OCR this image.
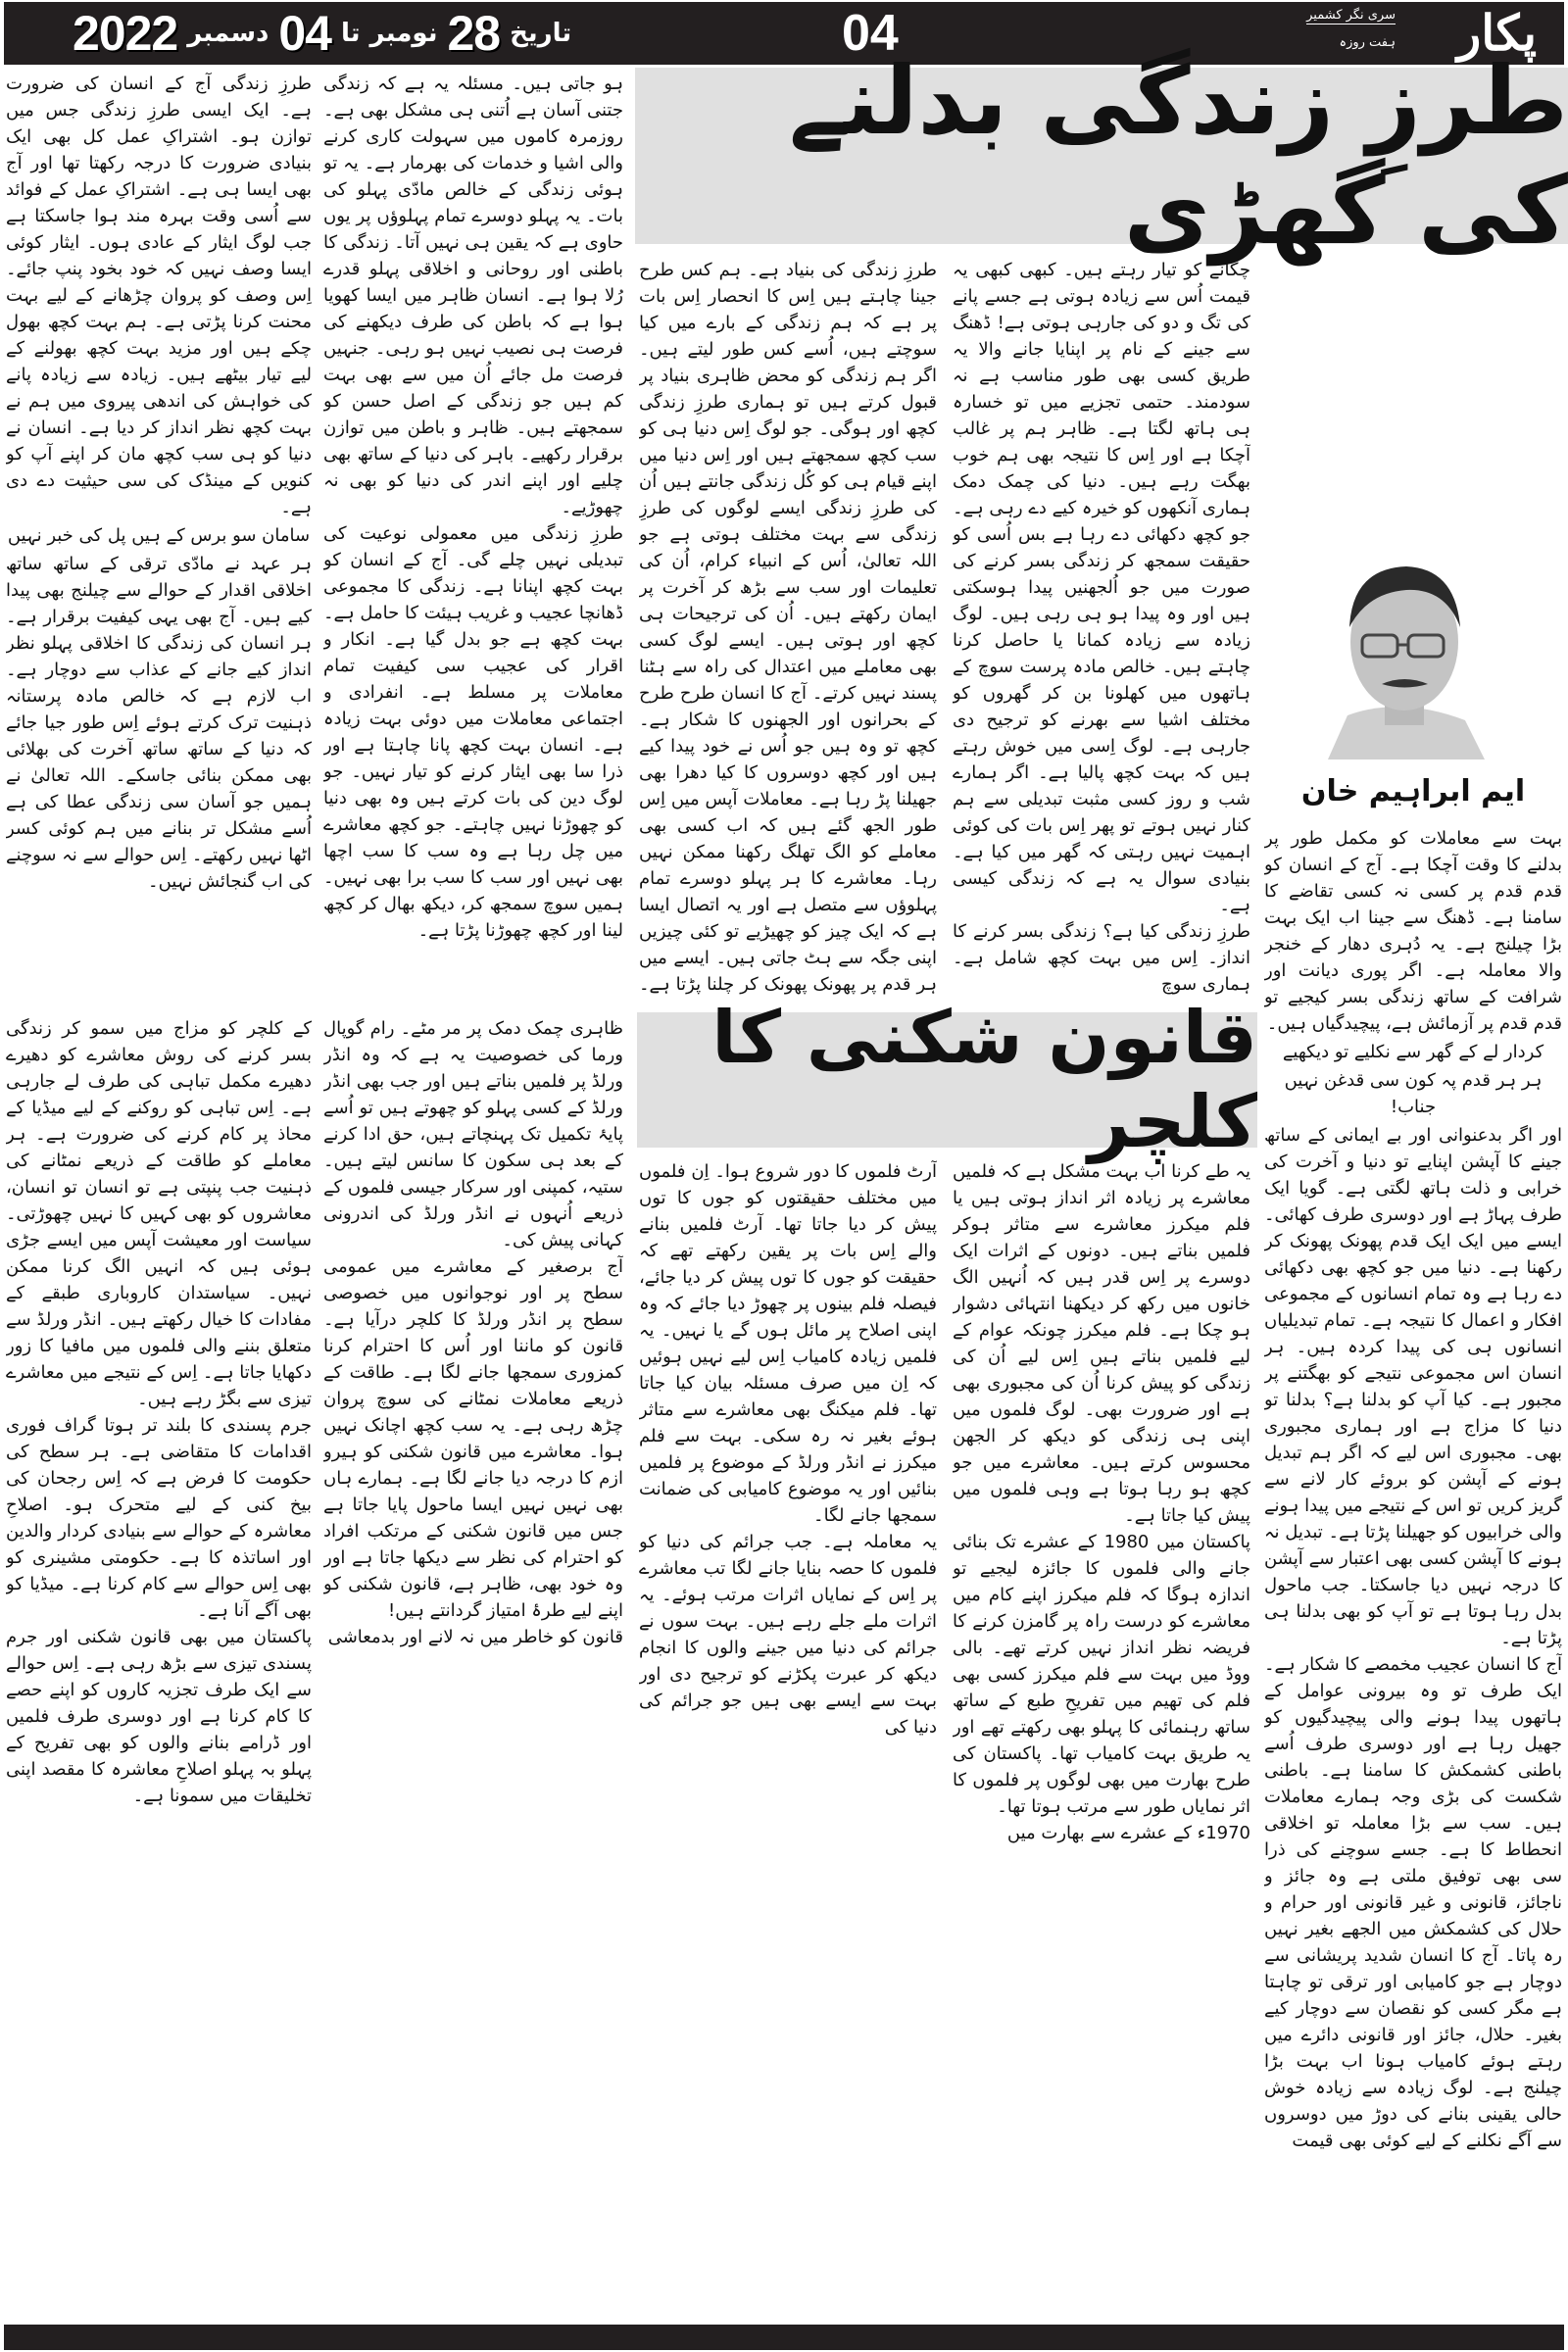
2022 دسمبر 04 تا نومبر 28 تاریخ	04	سری نگر کشمیر
ہفت روزہ پکار
طرزِ زندگی بدلنے کی گھڑی
ایم ابراہیم خان

بہت سے معاملات کو مکمل طور پر بدلنے کا وقت آچکا ہے۔ آج کے انسان کو قدم قدم پر کسی نہ کسی تقاضے کا سامنا ہے۔ ڈھنگ سے جینا اب ایک بہت بڑا چیلنج ہے۔ یہ دُہری دھار کے خنجر والا معاملہ ہے۔ اگر پوری دیانت اور شرافت کے ساتھ زندگی بسر کیجیے تو قدم قدم پر آزمائش ہے، پیچیدگیاں ہیں۔

کردار لے کے گھر سے نکلیے تو دیکھیے

ہر ہر قدم پہ کون سی قدغن نہیں جناب!

اور اگر بدعنوانی اور بے ایمانی کے ساتھ جینے کا آپشن اپنایے تو دنیا و آخرت کی خرابی و ذلت ہاتھ لگتی ہے۔ گویا ایک طرف پہاڑ ہے اور دوسری طرف کھائی۔ ایسے میں ایک ایک قدم پھونک پھونک کر رکھنا ہے۔ دنیا میں جو کچھ بھی دکھائی دے رہا ہے وہ تمام انسانوں کے مجموعی افکار و اعمال کا نتیجہ ہے۔ تمام تبدیلیاں انسانوں ہی کی پیدا کردہ ہیں۔ ہر انسان اس مجموعی نتیجے کو بھگتنے پر مجبور ہے۔ کیا آپ کو بدلنا ہے؟ بدلنا تو دنیا کا مزاج ہے اور ہماری مجبوری بھی۔ مجبوری اس لیے کہ اگر ہم تبدیل ہونے کے آپشن کو بروئے کار لانے سے گریز کریں تو اس کے نتیجے میں پیدا ہونے والی خرابیوں کو جھیلنا پڑتا ہے۔ تبدیل نہ ہونے کا آپشن کسی بھی اعتبار سے آپشن کا درجہ نہیں دیا جاسکتا۔ جب ماحول بدل رہا ہوتا ہے تو آپ کو بھی بدلنا ہی پڑتا ہے۔

آج کا انسان عجیب مخمصے کا شکار ہے۔ ایک طرف تو وہ بیرونی عوامل کے ہاتھوں پیدا ہونے والی پیچیدگیوں کو جھیل رہا ہے اور دوسری طرف اُسے باطنی کشمکش کا سامنا ہے۔ باطنی شکست کی بڑی وجہ ہمارے معاملات ہیں۔ سب سے بڑا معاملہ تو اخلاقی انحطاط کا ہے۔ جسے سوچنے کی ذرا سی بھی توفیق ملتی ہے وہ جائز و ناجائز، قانونی و غیر قانونی اور حرام و حلال کی کشمکش میں الجھے بغیر نہیں رہ پاتا۔ آج کا انسان شدید پریشانی سے دوچار ہے جو کامیابی اور ترقی تو چاہتا ہے مگر کسی کو نقصان سے دوچار کیے بغیر۔ حلال، جائز اور قانونی دائرے میں رہتے ہوئے کامیاب ہونا اب بہت بڑا چیلنج ہے۔ لوگ زیادہ سے زیادہ خوش حالی یقینی بنانے کی دوڑ میں دوسروں سے آگے نکلنے کے لیے کوئی بھی قیمت

چکانے کو تیار رہتے ہیں۔ کبھی کبھی یہ قیمت اُس سے زیادہ ہوتی ہے جسے پانے کی تگ و دو کی جارہی ہوتی ہے! ڈھنگ سے جینے کے نام پر اپنایا جانے والا یہ طریق کسی بھی طور مناسب ہے نہ سودمند۔ حتمی تجزیے میں تو خسارہ ہی ہاتھ لگتا ہے۔ ظاہر ہم پر غالب آچکا ہے اور اِس کا نتیجہ بھی ہم خوب بھگت رہے ہیں۔ دنیا کی چمک دمک ہماری آنکھوں کو خیرہ کیے دے رہی ہے۔ جو کچھ دکھائی دے رہا ہے بس اُسی کو حقیقت سمجھ کر زندگی بسر کرنے کی صورت میں جو اُلجھنیں پیدا ہوسکتی ہیں اور وہ پیدا ہو ہی رہی ہیں۔ لوگ زیادہ سے زیادہ کمانا یا حاصل کرنا چاہتے ہیں۔ خالص مادہ پرست سوچ کے ہاتھوں میں کھلونا بن کر گھروں کو مختلف اشیا سے بھرنے کو ترجیح دی جارہی ہے۔ لوگ اِسی میں خوش رہتے ہیں کہ بہت کچھ پالیا ہے۔ اگر ہمارے شب و روز کسی مثبت تبدیلی سے ہم کنار نہیں ہوتے تو پھر اِس بات کی کوئی اہمیت نہیں رہتی کہ گھر میں کیا ہے۔ بنیادی سوال یہ ہے کہ زندگی کیسی ہے۔

طرزِ زندگی کیا ہے؟ زندگی بسر کرنے کا انداز۔ اِس میں بہت کچھ شامل ہے۔ ہماری سوچ

طرزِ زندگی کی بنیاد ہے۔ ہم کس طرح جینا چاہتے ہیں اِس کا انحصار اِس بات پر ہے کہ ہم زندگی کے بارے میں کیا سوچتے ہیں، اُسے کس طور لیتے ہیں۔ اگر ہم زندگی کو محض ظاہری بنیاد پر قبول کرتے ہیں تو ہماری طرزِ زندگی کچھ اور ہوگی۔ جو لوگ اِس دنیا ہی کو سب کچھ سمجھتے ہیں اور اِس دنیا میں اپنے قیام ہی کو کُل زندگی جانتے ہیں اُن کی طرزِ زندگی ایسے لوگوں کی طرزِ زندگی سے بہت مختلف ہوتی ہے جو اللہ تعالیٰ، اُس کے انبیاء کرام، اُن کی تعلیمات اور سب سے بڑھ کر آخرت پر ایمان رکھتے ہیں۔ اُن کی ترجیحات ہی کچھ اور ہوتی ہیں۔ ایسے لوگ کسی بھی معاملے میں اعتدال کی راہ سے ہٹنا پسند نہیں کرتے۔ آج کا انسان طرح طرح کے بحرانوں اور الجھنوں کا شکار ہے۔ کچھ تو وہ ہیں جو اُس نے خود پیدا کیے ہیں اور کچھ دوسروں کا کیا دھرا بھی جھیلنا پڑ رہا ہے۔ معاملات آپس میں اِس طور الجھ گئے ہیں کہ اب کسی بھی معاملے کو الگ تھلگ رکھنا ممکن نہیں رہا۔ معاشرے کا ہر پہلو دوسرے تمام پہلوؤں سے متصل ہے اور یہ اتصال ایسا ہے کہ ایک چیز کو چھیڑیے تو کئی چیزیں اپنی جگہ سے ہٹ جاتی ہیں۔ ایسے میں ہر قدم پر پھونک پھونک کر چلنا پڑتا ہے۔

ہو جاتی ہیں۔ مسئلہ یہ ہے کہ زندگی جتنی آسان ہے اُتنی ہی مشکل بھی ہے۔ روزمرہ کاموں میں سہولت کاری کرنے والی اشیا و خدمات کی بھرمار ہے۔ یہ تو ہوئی زندگی کے خالص مادّی پہلو کی بات۔ یہ پہلو دوسرے تمام پہلوؤں پر یوں حاوی ہے کہ یقین ہی نہیں آتا۔ زندگی کا باطنی اور روحانی و اخلاقی پہلو قدرے رُلا ہوا ہے۔ انسان ظاہر میں ایسا کھویا ہوا ہے کہ باطن کی طرف دیکھنے کی فرصت ہی نصیب نہیں ہو رہی۔ جنہیں فرصت مل جائے اُن میں سے بھی بہت کم ہیں جو زندگی کے اصل حسن کو سمجھتے ہیں۔ ظاہر و باطن میں توازن برقرار رکھیے۔ باہر کی دنیا کے ساتھ بھی چلیے اور اپنے اندر کی دنیا کو بھی نہ چھوڑیے۔

طرزِ زندگی میں معمولی نوعیت کی تبدیلی نہیں چلے گی۔ آج کے انسان کو بہت کچھ اپنانا ہے۔ زندگی کا مجموعی ڈھانچا عجیب و غریب ہیئت کا حامل ہے۔ بہت کچھ ہے جو بدل گیا ہے۔ انکار و اقرار کی عجیب سی کیفیت تمام معاملات پر مسلط ہے۔ انفرادی و اجتماعی معاملات میں دوئی بہت زیادہ ہے۔ انسان بہت کچھ پانا چاہتا ہے اور ذرا سا بھی ایثار کرنے کو تیار نہیں۔ جو لوگ دین کی بات کرتے ہیں وہ بھی دنیا کو چھوڑنا نہیں چاہتے۔ جو کچھ معاشرے میں چل رہا ہے وہ سب کا سب اچھا بھی نہیں اور سب کا سب برا بھی نہیں۔ ہمیں سوچ سمجھ کر، دیکھ بھال کر کچھ لینا اور کچھ چھوڑنا پڑتا ہے۔

طرزِ زندگی آج کے انسان کی ضرورت ہے۔ ایک ایسی طرزِ زندگی جس میں توازن ہو۔ اشتراکِ عمل کل بھی ایک بنیادی ضرورت کا درجہ رکھتا تھا اور آج بھی ایسا ہی ہے۔ اشتراکِ عمل کے فوائد سے اُسی وقت بہرہ مند ہوا جاسکتا ہے جب لوگ ایثار کے عادی ہوں۔ ایثار کوئی ایسا وصف نہیں کہ خود بخود پنپ جائے۔ اِس وصف کو پروان چڑھانے کے لیے بہت محنت کرنا پڑتی ہے۔ ہم بہت کچھ بھول چکے ہیں اور مزید بہت کچھ بھولنے کے لیے تیار بیٹھے ہیں۔ زیادہ سے زیادہ پانے کی خواہش کی اندھی پیروی میں ہم نے بہت کچھ نظر انداز کر دیا ہے۔ انسان نے دنیا کو ہی سب کچھ مان کر اپنے آپ کو کنویں کے مینڈک کی سی حیثیت دے دی ہے۔

سامان سو برس کے ہیں پل کی خبر نہیں

ہر عہد نے مادّی ترقی کے ساتھ ساتھ اخلاقی اقدار کے حوالے سے چیلنج بھی پیدا کیے ہیں۔ آج بھی یہی کیفیت برقرار ہے۔ ہر انسان کی زندگی کا اخلاقی پہلو نظر انداز کیے جانے کے عذاب سے دوچار ہے۔ اب لازم ہے کہ خالص مادہ پرستانہ ذہنیت ترک کرتے ہوئے اِس طور جیا جائے کہ دنیا کے ساتھ ساتھ آخرت کی بھلائی بھی ممکن بنائی جاسکے۔ اللہ تعالیٰ نے ہمیں جو آسان سی زندگی عطا کی ہے اُسے مشکل تر بنانے میں ہم کوئی کسر اٹھا نہیں رکھتے۔ اِس حوالے سے نہ سوچنے کی اب گنجائش نہیں۔

قانون شکنی کا کلچر

یہ طے کرنا اب بہت مشکل ہے کہ فلمیں معاشرے پر زیادہ اثر انداز ہوتی ہیں یا فلم میکرز معاشرے سے متاثر ہوکر فلمیں بناتے ہیں۔ دونوں کے اثرات ایک دوسرے پر اِس قدر ہیں کہ اُنہیں الگ خانوں میں رکھ کر دیکھنا انتہائی دشوار ہو چکا ہے۔ فلم میکرز چونکہ عوام کے لیے فلمیں بناتے ہیں اِس لیے اُن کی زندگی کو پیش کرنا اُن کی مجبوری بھی ہے اور ضرورت بھی۔ لوگ فلموں میں اپنی ہی زندگی کو دیکھ کر الجھن محسوس کرتے ہیں۔ معاشرے میں جو کچھ ہو رہا ہوتا ہے وہی فلموں میں پیش کیا جاتا ہے۔

پاکستان میں 1980 کے عشرے تک بنائی جانے والی فلموں کا جائزہ لیجیے تو اندازہ ہوگا کہ فلم میکرز اپنے کام میں معاشرے کو درست راہ پر گامزن کرنے کا فریضہ نظر انداز نہیں کرتے تھے۔ بالی ووڈ میں بہت سے فلم میکرز کسی بھی فلم کی تھیم میں تفریحِ طبع کے ساتھ ساتھ رہنمائی کا پہلو بھی رکھتے تھے اور یہ طریق بہت کامیاب تھا۔ پاکستان کی طرح بھارت میں بھی لوگوں پر فلموں کا اثر نمایاں طور سے مرتب ہوتا تھا۔

1970ء کے عشرے سے بھارت میں

آرٹ فلموں کا دور شروع ہوا۔ اِن فلموں میں مختلف حقیقتوں کو جوں کا توں پیش کر دیا جاتا تھا۔ آرٹ فلمیں بنانے والے اِس بات پر یقین رکھتے تھے کہ حقیقت کو جوں کا توں پیش کر دیا جائے، فیصلہ فلم بینوں پر چھوڑ دیا جائے کہ وہ اپنی اصلاح پر مائل ہوں گے یا نہیں۔ یہ فلمیں زیادہ کامیاب اِس لیے نہیں ہوئیں کہ اِن میں صرف مسئلہ بیان کیا جاتا تھا۔ فلم میکنگ بھی معاشرے سے متاثر ہوئے بغیر نہ رہ سکی۔ بہت سے فلم میکرز نے انڈر ورلڈ کے موضوع پر فلمیں بنائیں اور یہ موضوع کامیابی کی ضمانت سمجھا جانے لگا۔

یہ معاملہ ہے۔ جب جرائم کی دنیا کو فلموں کا حصہ بنایا جانے لگا تب معاشرے پر اِس کے نمایاں اثرات مرتب ہوئے۔ یہ اثرات ملے جلے رہے ہیں۔ بہت سوں نے جرائم کی دنیا میں جینے والوں کا انجام دیکھ کر عبرت پکڑنے کو ترجیح دی اور بہت سے ایسے بھی ہیں جو جرائم کی دنیا کی

ظاہری چمک دمک پر مر مٹے۔ رام گوپال ورما کی خصوصیت یہ ہے کہ وہ انڈر ورلڈ پر فلمیں بناتے ہیں اور جب بھی انڈر ورلڈ کے کسی پہلو کو چھوتے ہیں تو اُسے پایۂ تکمیل تک پہنچاتے ہیں، حق ادا کرنے کے بعد ہی سکون کا سانس لیتے ہیں۔ ستیہ، کمپنی اور سرکار جیسی فلموں کے ذریعے اُنہوں نے انڈر ورلڈ کی اندرونی کہانی پیش کی۔

آج برصغیر کے معاشرے میں عمومی سطح پر اور نوجوانوں میں خصوصی سطح پر انڈر ورلڈ کا کلچر درآیا ہے۔ قانون کو ماننا اور اُس کا احترام کرنا کمزوری سمجھا جانے لگا ہے۔ طاقت کے ذریعے معاملات نمٹانے کی سوچ پروان چڑھ رہی ہے۔ یہ سب کچھ اچانک نہیں ہوا۔ معاشرے میں قانون شکنی کو ہیرو ازم کا درجہ دیا جانے لگا ہے۔ ہمارے ہاں بھی نہیں نہیں ایسا ماحول پایا جاتا ہے جس میں قانون شکنی کے مرتکب افراد کو احترام کی نظر سے دیکھا جاتا ہے اور وہ خود بھی، ظاہر ہے، قانون شکنی کو اپنے لیے طرۂ امتیاز گردانتے ہیں!

قانون کو خاطر میں نہ لانے اور بدمعاشی

کے کلچر کو مزاج میں سمو کر زندگی بسر کرنے کی روش معاشرے کو دھیرے دھیرے مکمل تباہی کی طرف لے جارہی ہے۔ اِس تباہی کو روکنے کے لیے میڈیا کے محاذ پر کام کرنے کی ضرورت ہے۔ ہر معاملے کو طاقت کے ذریعے نمٹانے کی ذہنیت جب پنپتی ہے تو انسان تو انسان، معاشروں کو بھی کہیں کا نہیں چھوڑتی۔ سیاست اور معیشت آپس میں ایسے جڑی ہوئی ہیں کہ انہیں الگ کرنا ممکن نہیں۔ سیاستدان کاروباری طبقے کے مفادات کا خیال رکھتے ہیں۔ انڈر ورلڈ سے متعلق بننے والی فلموں میں مافیا کا زور دکھایا جاتا ہے۔ اِس کے نتیجے میں معاشرے تیزی سے بگڑ رہے ہیں۔

جرم پسندی کا بلند تر ہوتا گراف فوری اقدامات کا متقاضی ہے۔ ہر سطح کی حکومت کا فرض ہے کہ اِس رجحان کی بیخ کنی کے لیے متحرک ہو۔ اصلاحِ معاشرہ کے حوالے سے بنیادی کردار والدین اور اساتذہ کا ہے۔ حکومتی مشینری کو بھی اِس حوالے سے کام کرنا ہے۔ میڈیا کو بھی آگے آنا ہے۔

پاکستان میں بھی قانون شکنی اور جرم پسندی تیزی سے بڑھ رہی ہے۔ اِس حوالے سے ایک طرف تجزیہ کاروں کو اپنے حصے کا کام کرنا ہے اور دوسری طرف فلمیں اور ڈرامے بنانے والوں کو بھی تفریح کے پہلو بہ پہلو اصلاحِ معاشرہ کا مقصد اپنی تخلیقات میں سمونا ہے۔
